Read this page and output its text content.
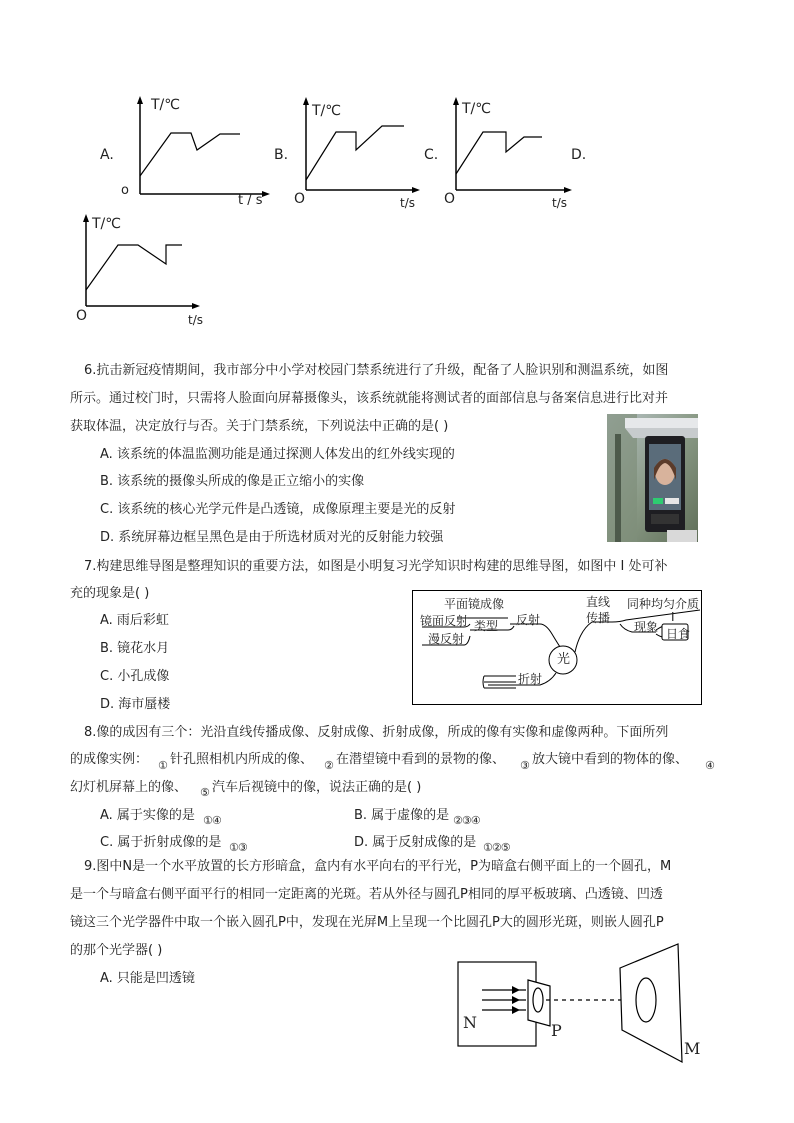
A.
T/℃
t / s
o
B.
T/℃
t/s
O
C.
T/℃
t/s
O
D.
T/℃
t/s
O
6.抗击新冠疫情期间，我市部分中小学对校园门禁系统进行了升级，配备了人脸识别和测温系统，如图
所示。通过校门时，只需将人脸面向屏幕摄像头，该系统就能将测试者的面部信息与备案信息进行比对并
获取体温，决定放行与否。关于门禁系统，下列说法中正确的是( )
A. 该系统的体温监测功能是通过探测人体发出的红外线实现的
B. 该系统的摄像头所成的像是正立缩小的实像
C. 该系统的核心光学元件是凸透镜，成像原理主要是光的反射
D. 系统屏幕边框呈黑色是由于所选材质对光的反射能力较强
7.构建思维导图是整理知识的重要方法，如图是小明复习光学知识时构建的思维导图，如图中 I 处可补
充的现象是( )
A. 雨后彩虹
B. 镜花水月
C. 小孔成像
D. 海市蜃楼
平面镜成像
镜面反射
漫反射
类型 反射
直线
传播
同种均匀介质
现象
I
日食
光
折射
8.像的成因有三个：光沿直线传播成像、反射成像、折射成像，所成的像有实像和虚像两种。下面所列
的成像实例： ① 针孔照相机内所成的像、 ② 在潜望镜中看到的景物的像、 ③ 放大镜中看到的物体的像、 ④
幻灯机屏幕上的像、 ⑤ 汽车后视镜中的像，说法正确的是( )
A. 属于实像的是 ①④	B. 属于虚像的是 ②③④
C. 属于折射成像的是 ①③	D. 属于反射成像的是 ①②⑤
9.图中N是一个水平放置的长方形暗盒，盒内有水平向右的平行光，P为暗盒右侧平面上的一个圆孔，M
是一个与暗盒右侧平面平行的相同一定距离的光斑。若从外径与圆孔P相同的厚平板玻璃、凸透镜、凹透
镜这三个光学器件中取一个嵌入圆孔P中，发现在光屏M上呈现一个比圆孔P大的圆形光斑，则嵌人圆孔P
的那个光学器( )
A. 只能是凹透镜
N	P
M
